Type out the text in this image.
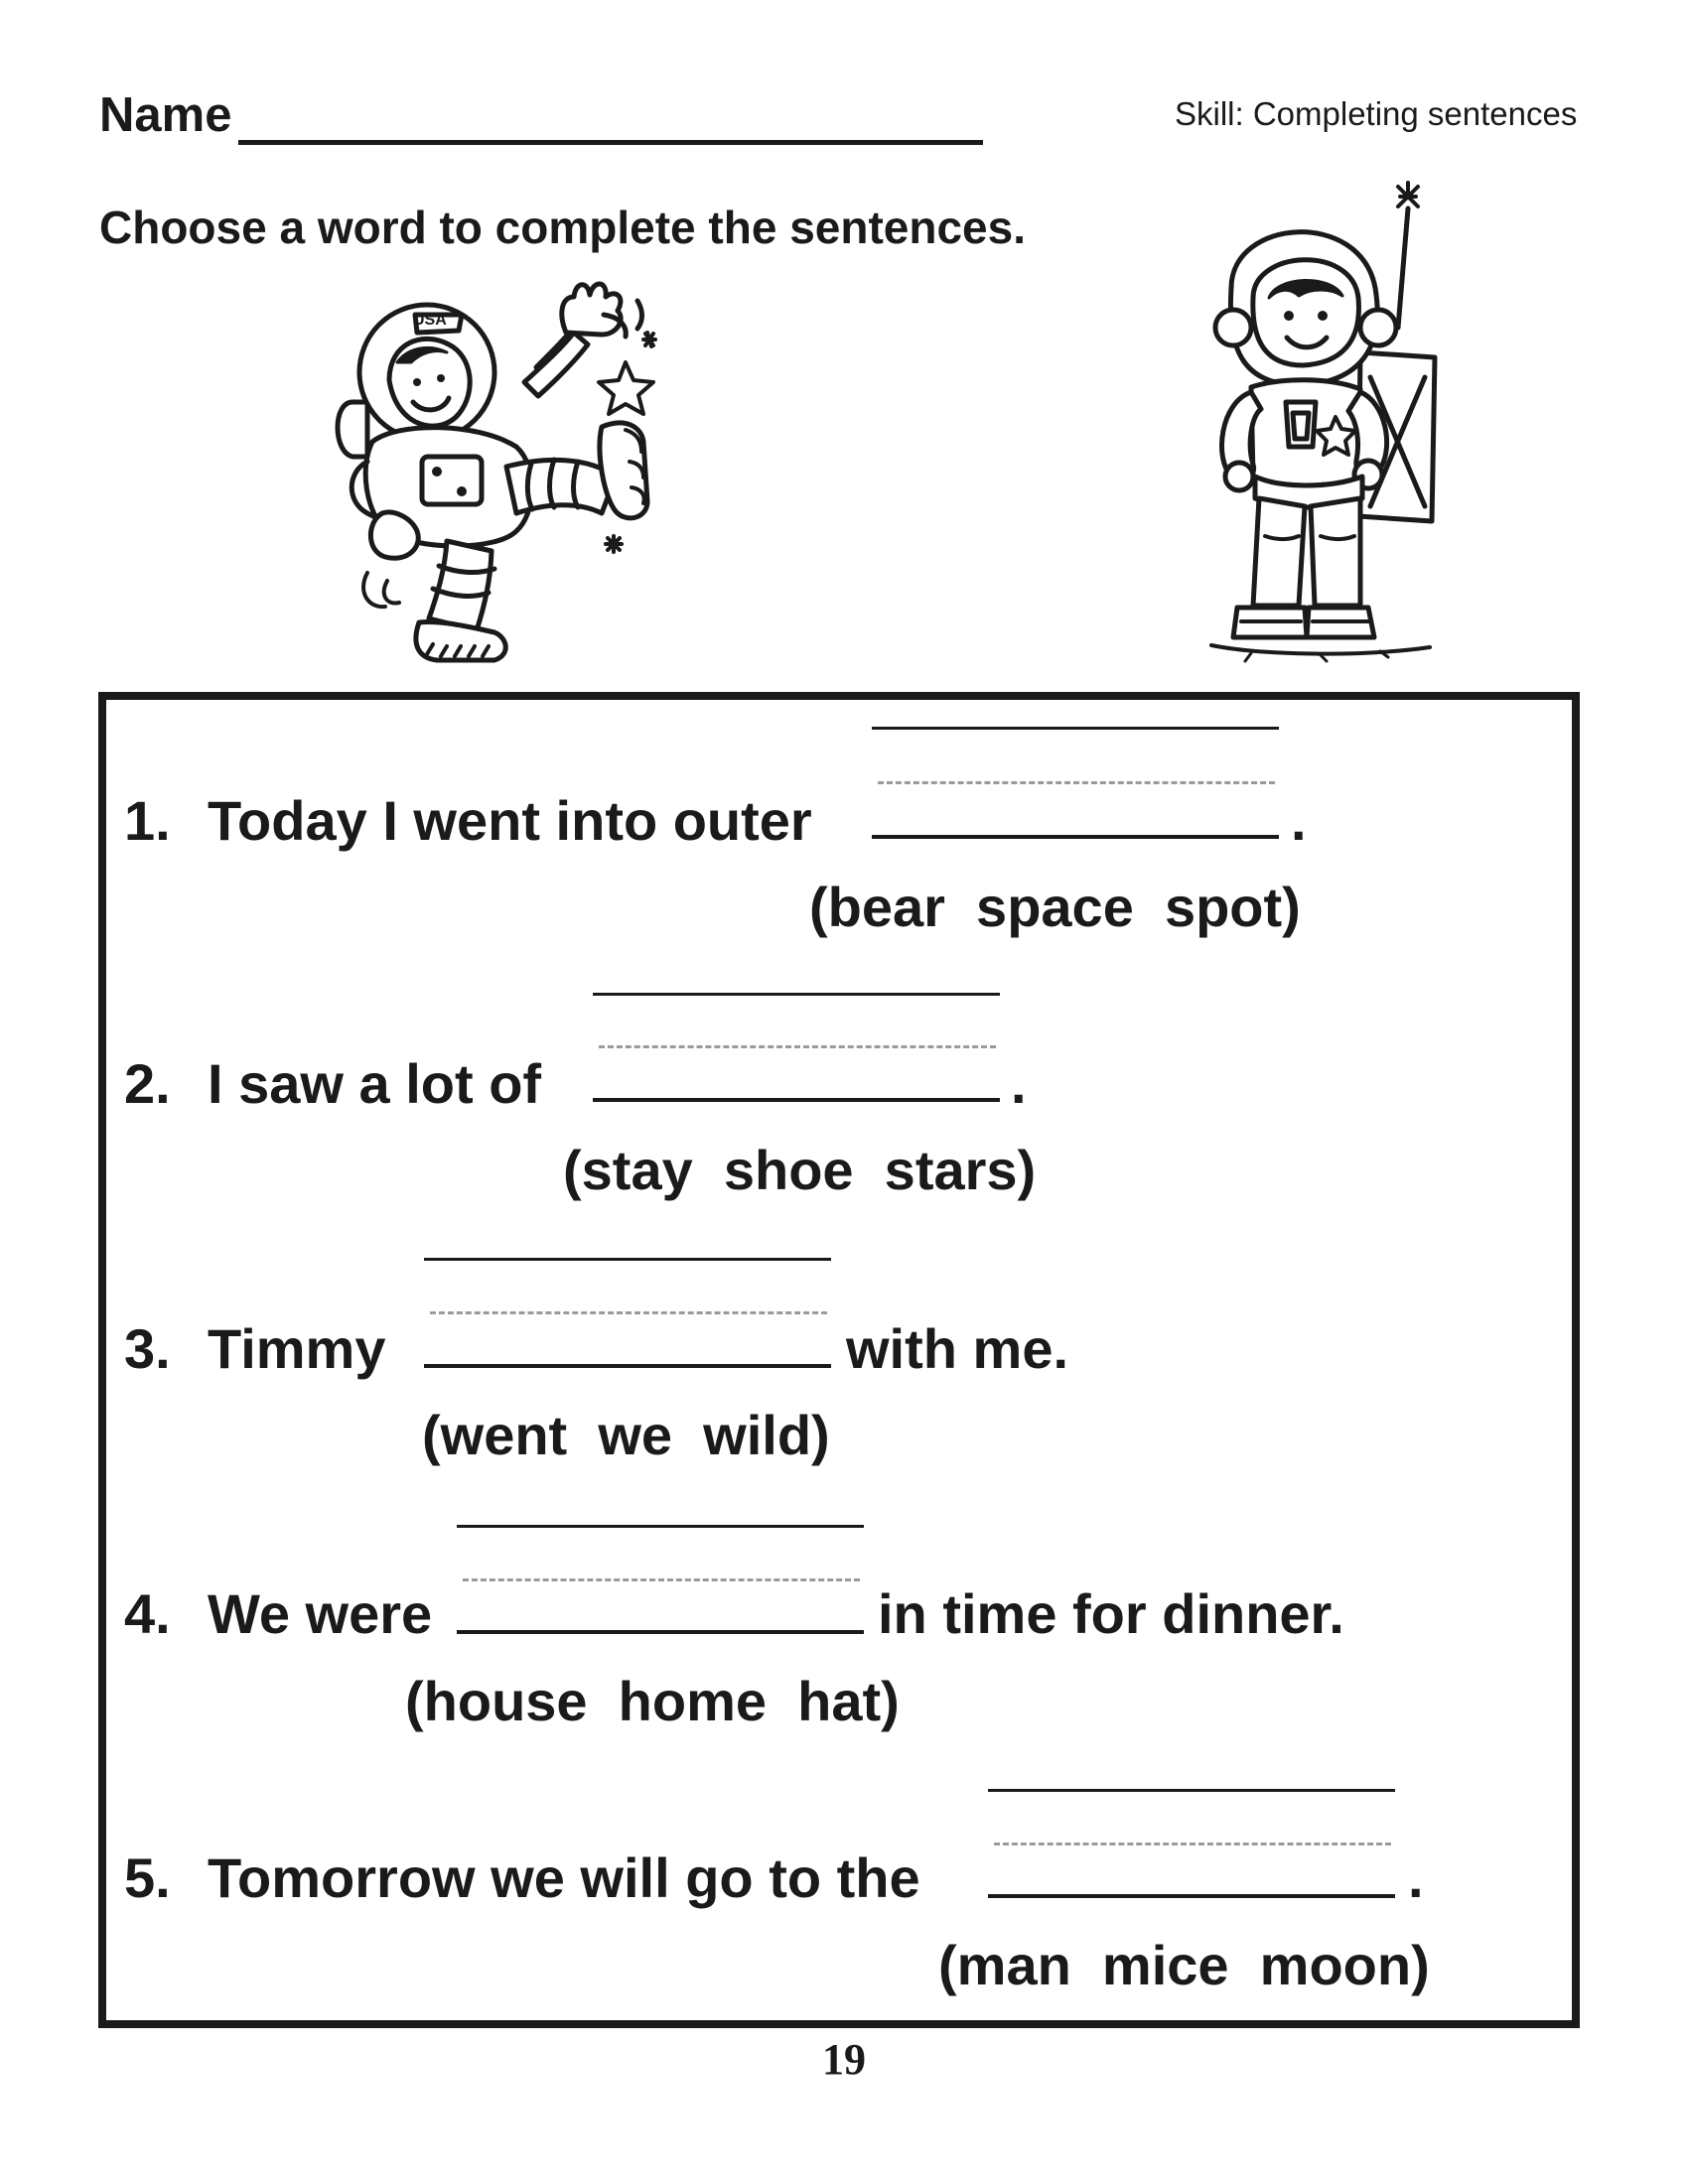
Name	Skill: Completing sentences
Choose a word to complete the sentences.
USA
1. Today I went into outer	.
(bear  space  spot)
2. I saw a lot of	.
(stay  shoe  stars)
3. Timmy	with me.
(went  we  wild)
4. We were	in time for dinner.
(house  home  hat)
5. Tomorrow we will go to the	.
(man  mice  moon)
19
